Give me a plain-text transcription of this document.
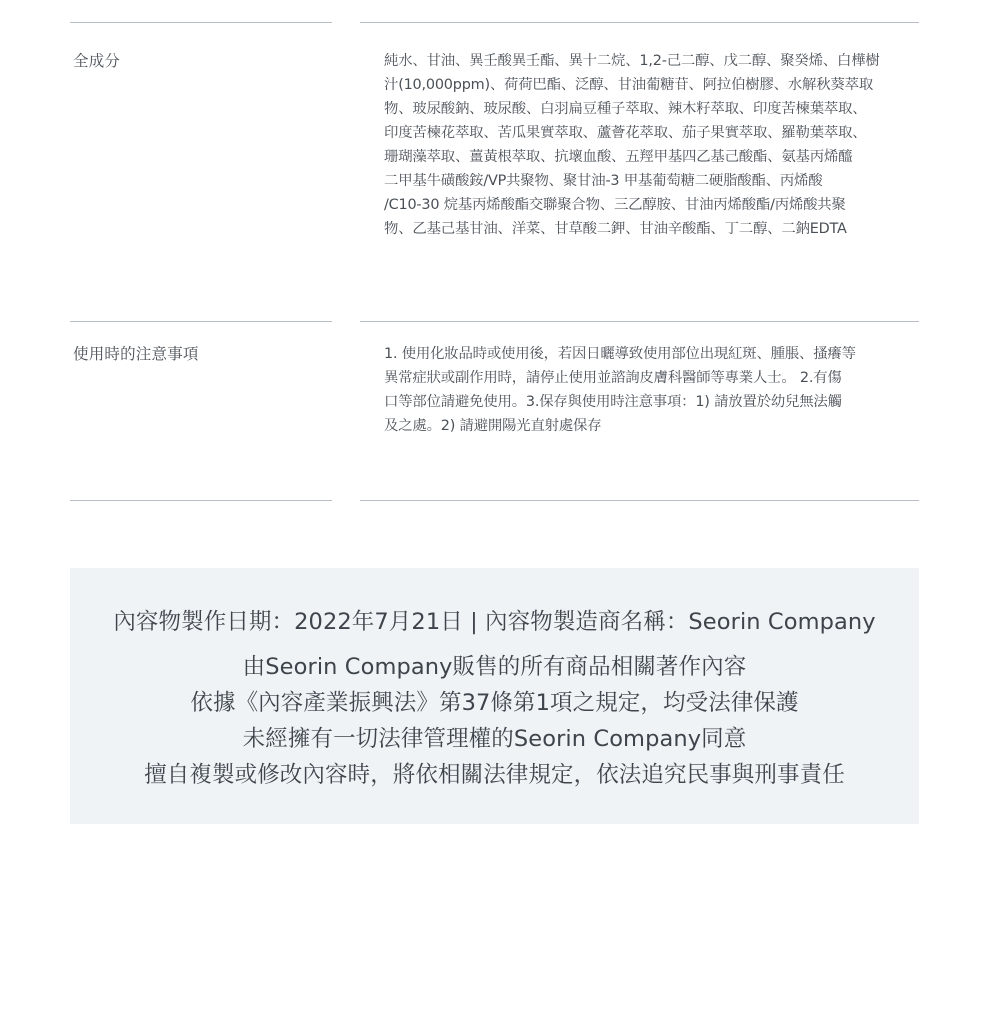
全成分	純水、甘油、異壬酸異壬酯、異十二烷、1,2-己二醇、戊二醇、聚癸烯、白樺樹
汁(10,000ppm)、荷荷巴酯、泛醇、甘油葡糖苷、阿拉伯樹膠、水解秋葵萃取
物、玻尿酸鈉、玻尿酸、白羽扁豆種子萃取、辣木籽萃取、印度苦楝葉萃取、
印度苦楝花萃取、苦瓜果實萃取、蘆薈花萃取、茄子果實萃取、羅勒葉萃取、
珊瑚藻萃取、薑黃根萃取、抗壞血酸、五羥甲基四乙基己酸酯、氨基丙烯醯
二甲基牛磺酸銨/VP共聚物、聚甘油-3 甲基葡萄糖二硬脂酸酯、丙烯酸
/C10-30 烷基丙烯酸酯交聯聚合物、三乙醇胺、甘油丙烯酸酯/丙烯酸共聚
物、乙基己基甘油、洋菜、甘草酸二鉀、甘油辛酸酯、丁二醇、二鈉EDTA
使用時的注意事項	1. 使用化妝品時或使用後，若因日曬導致使用部位出現紅斑、腫脹、搔癢等
異常症狀或副作用時，請停止使用並諮詢皮膚科醫師等專業人士。 2.有傷
口等部位請避免使用。3.保存與使用時注意事項：1) 請放置於幼兒無法觸
及之處。2) 請避開陽光直射處保存
內容物製作日期：2022年7月21日 | 內容物製造商名稱：Seorin Company
由Seorin Company販售的所有商品相關著作內容
依據《內容產業振興法》第37條第1項之規定，均受法律保護
未經擁有一切法律管理權的Seorin Company同意
擅自複製或修改內容時，將依相關法律規定，依法追究民事與刑事責任
